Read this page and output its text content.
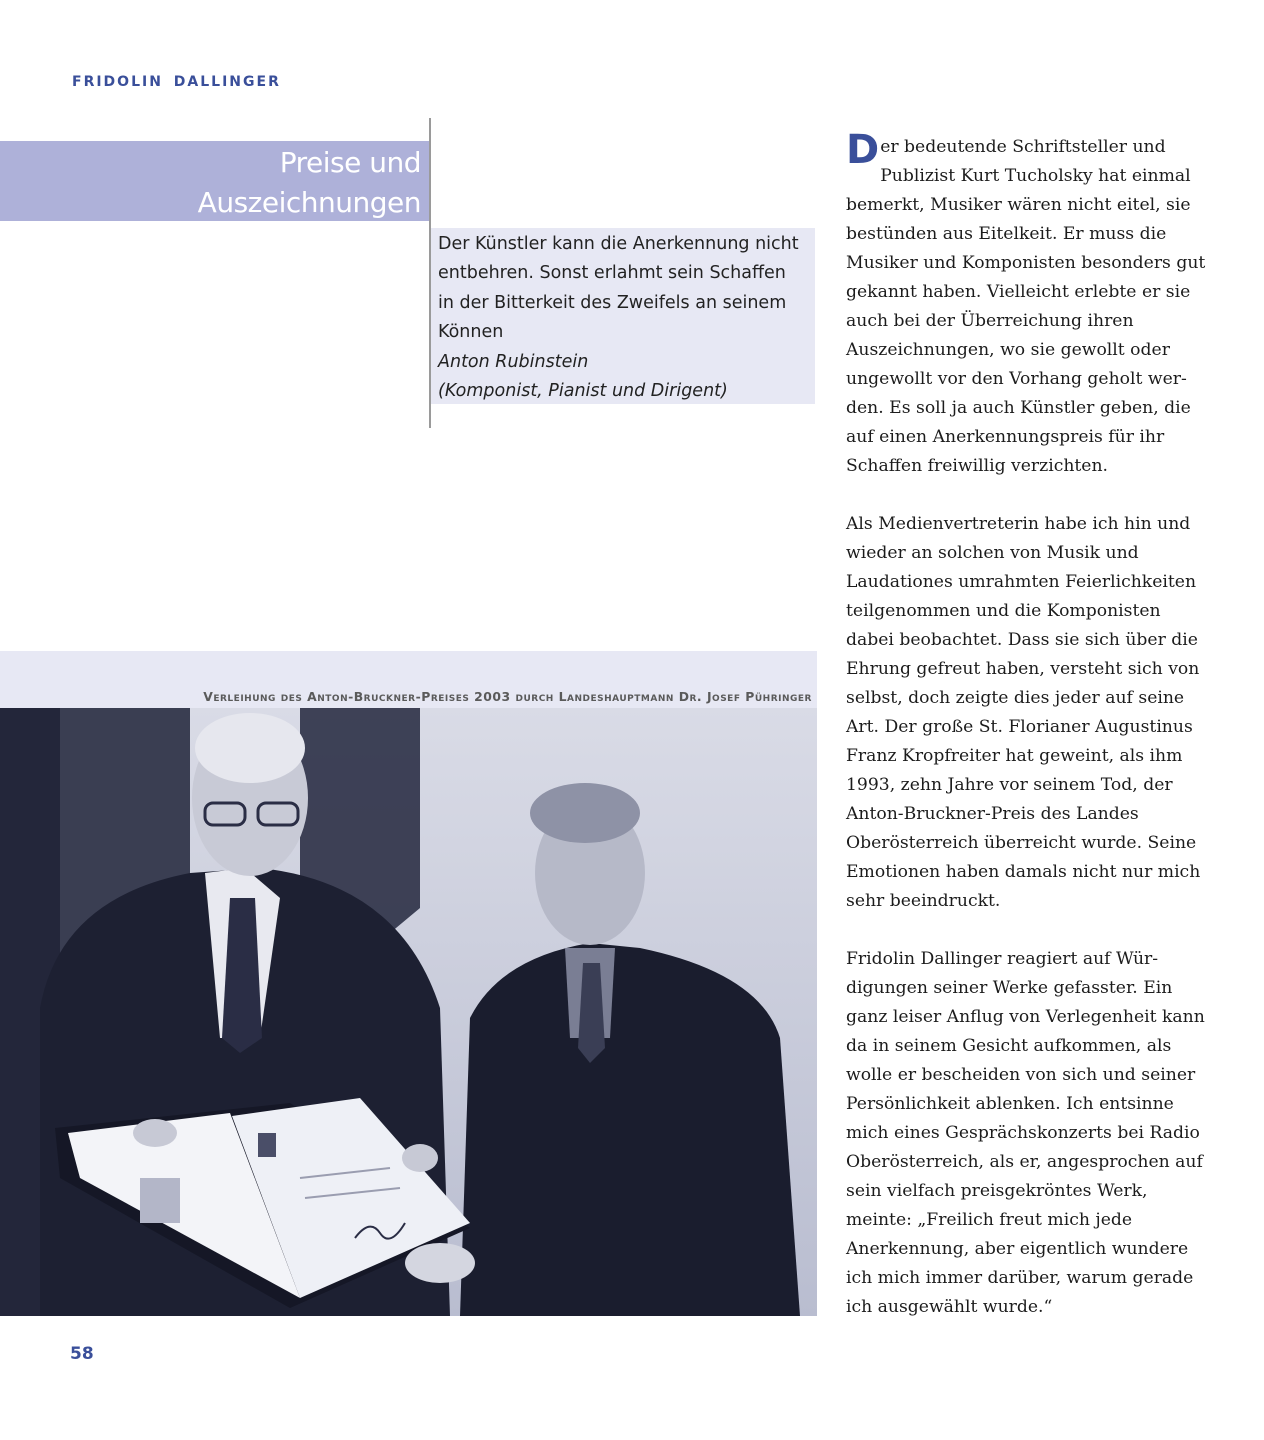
FRIDOLIN DALLINGER
Preise und
Auszeichnungen
Der Künstler kann die Anerkennung nicht
entbehren. Sonst erlahmt sein Schaffen
in der Bitterkeit des Zweifels an seinem
Können
Anton Rubinstein
(Komponist, Pianist und Dirigent)
Verleihung des Anton-Bruckner-Preises 2003 durch Landeshauptmann Dr. Josef Pühringer

Der bedeutende Schriftsteller und Publizist Kurt Tucholsky hat einmal bemerkt, Musiker wären nicht eitel, sie bestünden aus Eitelkeit. Er muss die Musiker und Komponisten besonders gut gekannt haben. Vielleicht erlebte er sie auch bei der Überreichung ihren Auszeichnungen, wo sie gewollt oder ungewollt vor den Vorhang geholt werden. Es soll ja auch Künstler geben, die auf einen Anerkennungspreis für ihr Schaffen freiwillig verzichten.

Als Medienvertreterin habe ich hin und wieder an solchen von Musik und Laudationes umrahmten Feierlichkeiten teilgenommen und die Komponisten dabei beobachtet. Dass sie sich über die Ehrung gefreut haben, versteht sich von selbst, doch zeigte dies jeder auf seine Art. Der große St. Florianer Augustinus Franz Kropfreiter hat geweint, als ihm 1993, zehn Jahre vor seinem Tod, der Anton-Bruckner-Preis des Landes Oberösterreich überreicht wurde. Seine Emotionen haben damals nicht nur mich sehr beeindruckt.

Fridolin Dallinger reagiert auf Würdigungen seiner Werke gefasster. Ein ganz leiser Anflug von Verlegenheit kann da in seinem Gesicht aufkommen, als wolle er bescheiden von sich und seiner Persönlichkeit ablenken. Ich entsinne mich eines Gesprächskonzerts bei Radio Oberösterreich, als er, angesprochen auf sein vielfach preisgekröntes Werk, meinte: „Freilich freut mich jede Anerkennung, aber eigentlich wundere ich mich immer darüber, warum gerade ich ausgewählt wurde.“

58
